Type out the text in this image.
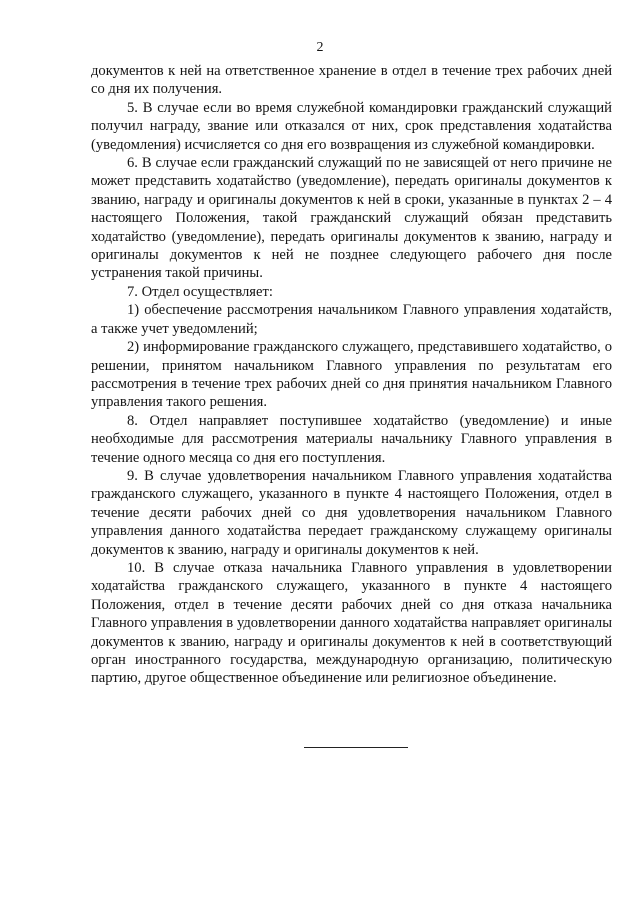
2

документов к ней на ответственное хранение в отдел в течение трех рабочих дней со дня их получения.

5. В случае если во время служебной командировки гражданский служащий получил награду, звание или отказался от них, срок представления ходатайства (уведомления) исчисляется со дня его возвращения из служебной командировки.

6. В случае если гражданский служащий по не зависящей от него причине не может представить ходатайство (уведомление), передать оригиналы документов к званию, награду и оригиналы документов к ней в сроки, указанные в пунктах 2 – 4 настоящего Положения, такой гражданский служащий обязан представить ходатайство (уведомление), передать оригиналы документов к званию, награду и оригиналы документов к ней не позднее следующего рабочего дня после устранения такой причины.

7. Отдел осуществляет:

1) обеспечение рассмотрения начальником Главного управления ходатайств, а также учет уведомлений;

2) информирование гражданского служащего, представившего ходатайство, о решении, принятом начальником Главного управления по результатам его рассмотрения в течение трех рабочих дней со дня принятия начальником Главного управления такого решения.

8. Отдел направляет поступившее ходатайство (уведомление) и иные необходимые для рассмотрения материалы начальнику Главного управления в течение одного месяца со дня его поступления.

9. В случае удовлетворения начальником Главного управления ходатайства гражданского служащего, указанного в пункте 4 настоящего Положения, отдел в течение десяти рабочих дней со дня удовлетворения начальником Главного управления данного ходатайства передает гражданскому служащему оригиналы документов к званию, награду и оригиналы документов к ней.

10. В случае отказа начальника Главного управления в удовлетворении ходатайства гражданского служащего, указанного в пункте 4 настоящего Положения, отдел в течение десяти рабочих дней со дня отказа начальника Главного управления в удовлетворении данного ходатайства направляет оригиналы документов к званию, награду и оригиналы документов к ней в соответствующий орган иностранного государства, международную организацию, политическую партию, другое общественное объединение или религиозное объединение.
